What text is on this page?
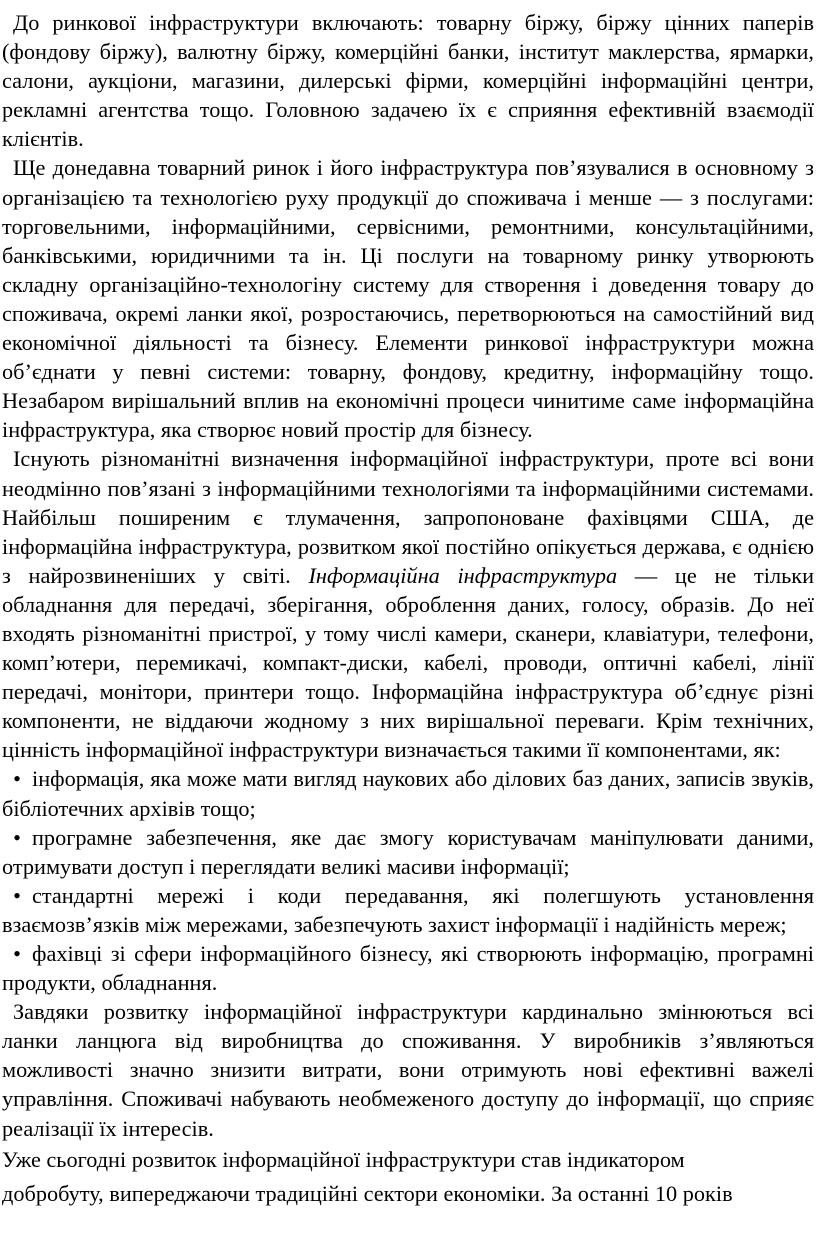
До ринкової інфраструктури включають: товарну біржу, біржу цінних паперів (фондову біржу), валютну біржу, комерційні банки, інститут маклерства, ярмарки, салони, аукціони, магазини, дилерські фірми, комерційні інформаційні центри, рекламні агентства тощо. Головною задачею їх є сприяння ефективній взаємодії клієнтів.

Ще донедавна товарний ринок і його інфраструктура пов’язувалися в основному з організацією та технологією руху продукції до споживача і менше — з послугами: торговельними, інформаційними, сервісними, ремонтними, консультаційними, банківськими, юридичними та ін. Ці послуги на товарному ринку утворюють складну організаційно-технологіну систему для створення і доведення товару до споживача, окремі ланки якої, розростаючись, перетворюються на самостійний вид економічної діяльності та бізнесу. Елементи ринкової інфраструктури можна об’єднати у певні системи: товарну, фондову, кредитну, інформаційну тощо. Незабаром вирішальний вплив на економічні процеси чинитиме саме інформаційна інфраструктура, яка створює новий простір для бізнесу.

Існують різноманітні визначення інформаційної інфраструктури, проте всі вони неодмінно пов’язані з інформаційними технологіями та інформаційними системами. Найбільш поширеним є тлумачення, запропоноване фахівцями США, де інформаційна інфраструктура, розвитком якої постійно опікується держава, є однією з найрозвиненіших у світі. Інформаційна інфраструктура — це не тільки обладнання для передачі, зберігання, оброблення даних, голосу, образів. До неї входять різноманітні пристрої, у тому числі камери, сканери, клавіатури, телефони, комп’ютери, перемикачі, компакт-диски, кабелі, проводи, оптичні кабелі, лінії передачі, монітори, принтери тощо. Інформаційна інфраструктура об’єднує різні компоненти, не віддаючи жодному з них вирішальної переваги. Крім технічних, цінність інформаційної інфраструктури визначається такими її компонентами, як:

• інформація, яка може мати вигляд наукових або ділових баз даних, записів звуків, бібліотечних архівів тощо;

• програмне забезпечення, яке дає змогу користувачам маніпулювати даними, отримувати доступ і переглядати великі масиви інформації;

• стандартні мережі і коди передавання, які полегшують установлення взаємозв’язків між мережами, забезпечують захист інформації і надійність мереж;

• фахівці зі сфери інформаційного бізнесу, які створюють інформацію, програмні продукти, обладнання.

Завдяки розвитку інформаційної інфраструктури кардинально змінюються всі ланки ланцюга від виробництва до споживання. У виробників з’являються можливості значно знизити витрати, вони отримують нові ефективні важелі управління. Споживачі набувають необмеженого доступу до інформації, що сприяє реалізації їх інтересів.

Уже сьогодні розвиток інформаційної інфраструктури став індикатором
добробуту, випереджаючи традиційні сектори економіки. За останні 10 років
